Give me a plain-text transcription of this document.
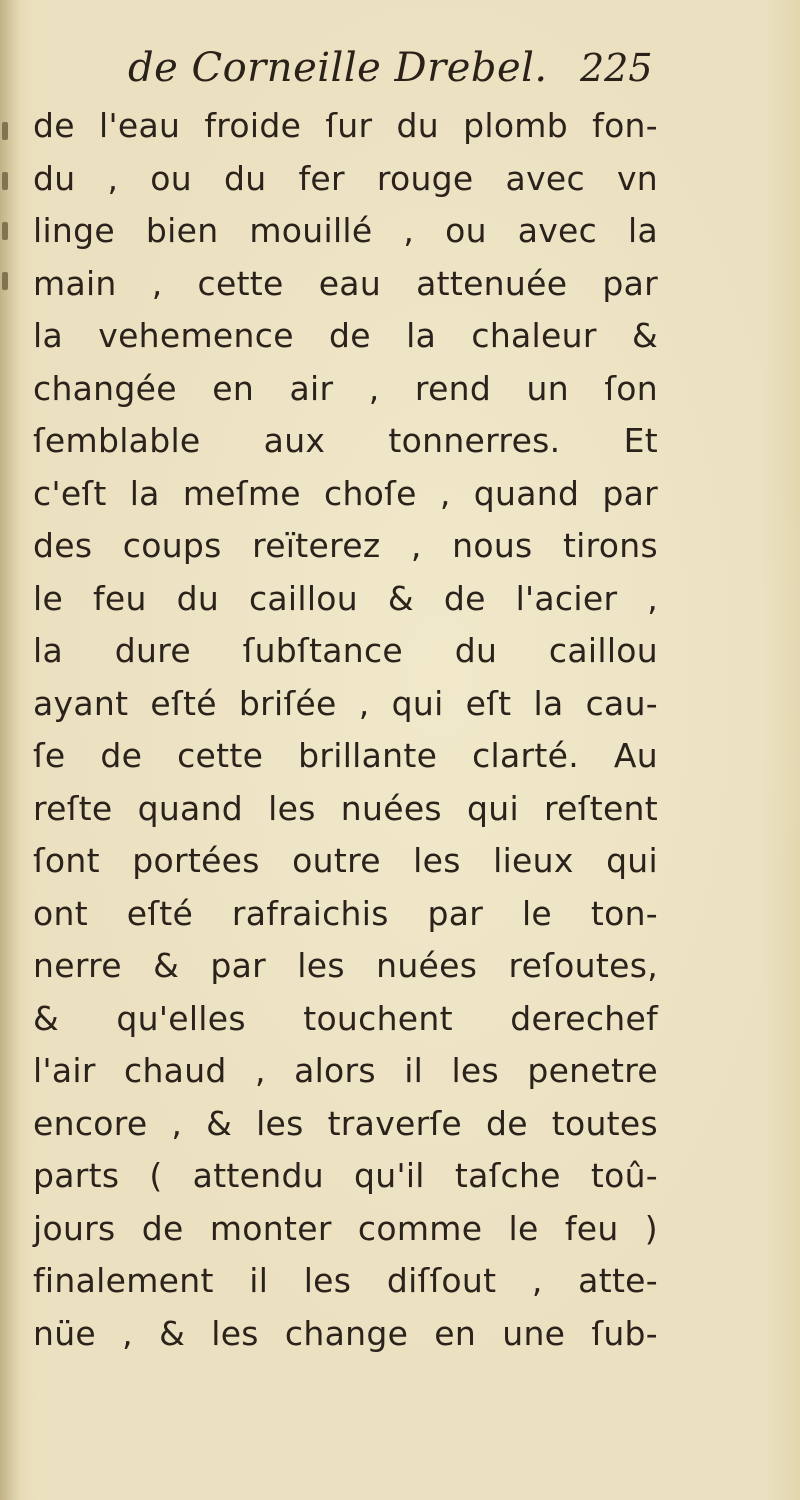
de Corneille Drebel. 225
de l'eau froide ſur du plomb fon-
du , ou du fer rouge avec vn
linge bien mouillé , ou avec la
main , cette eau attenuée par
la vehemence de la chaleur &
changée en air , rend un ſon
ſemblable aux tonnerres. Et
c'eſt la meſme choſe , quand par
des coups reïterez , nous tirons
le feu du caillou & de l'acier ,
la dure ſubſtance du caillou
ayant eſté briſée , qui eſt la cau-
ſe de cette brillante clarté. Au
reſte quand les nuées qui reſtent
ſont portées outre les lieux qui
ont eſté rafraichis par le ton-
nerre & par les nuées reſoutes,
& qu'elles touchent derechef
l'air chaud , alors il les penetre
encore , & les traverſe de toutes
parts ( attendu qu'il taſche toû-
jours de monter comme le feu )
finalement il les diſſout , atte-
nüe , & les change en une ſub-
